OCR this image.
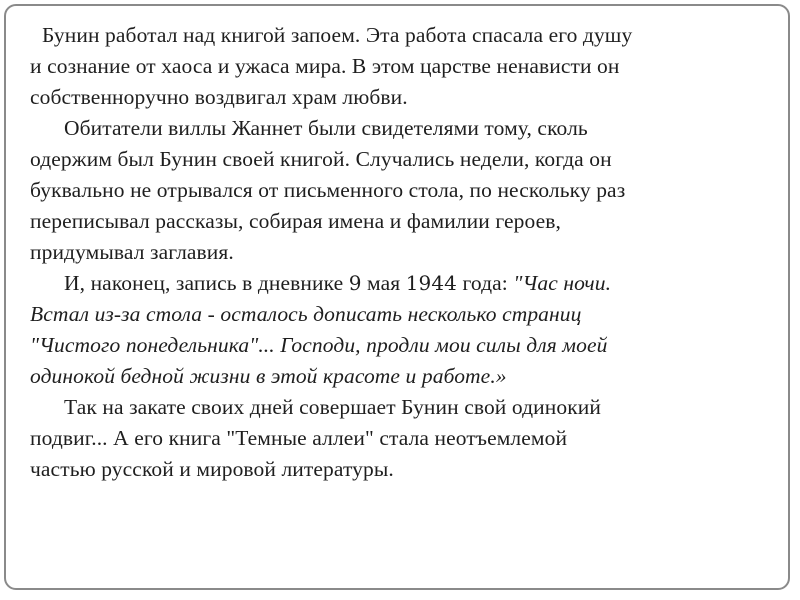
Бунин работал над книгой запоем. Эта работа спасала его душу
и сознание от хаоса и ужаса мира. В этом царстве ненависти он
собственноручно воздвигал храм любви.
Обитатели виллы Жаннет были свидетелями тому, сколь
одержим был Бунин своей книгой. Случались недели, когда он
буквально не отрывался от письменного стола, по нескольку раз
переписывал рассказы, собирая имена и фамилии героев,
придумывал заглавия.
И, наконец, запись в дневнике 9 мая 1944 года: "Час ночи.
Встал из-за стола - осталось дописать несколько страниц
"Чистого понедельника"... Господи, продли мои силы для моей
одинокой бедной жизни в этой красоте и работе.»
Так на закате своих дней совершает Бунин свой одинокий
подвиг... А его книга "Темные аллеи" стала неотъемлемой
частью русской и мировой литературы.
